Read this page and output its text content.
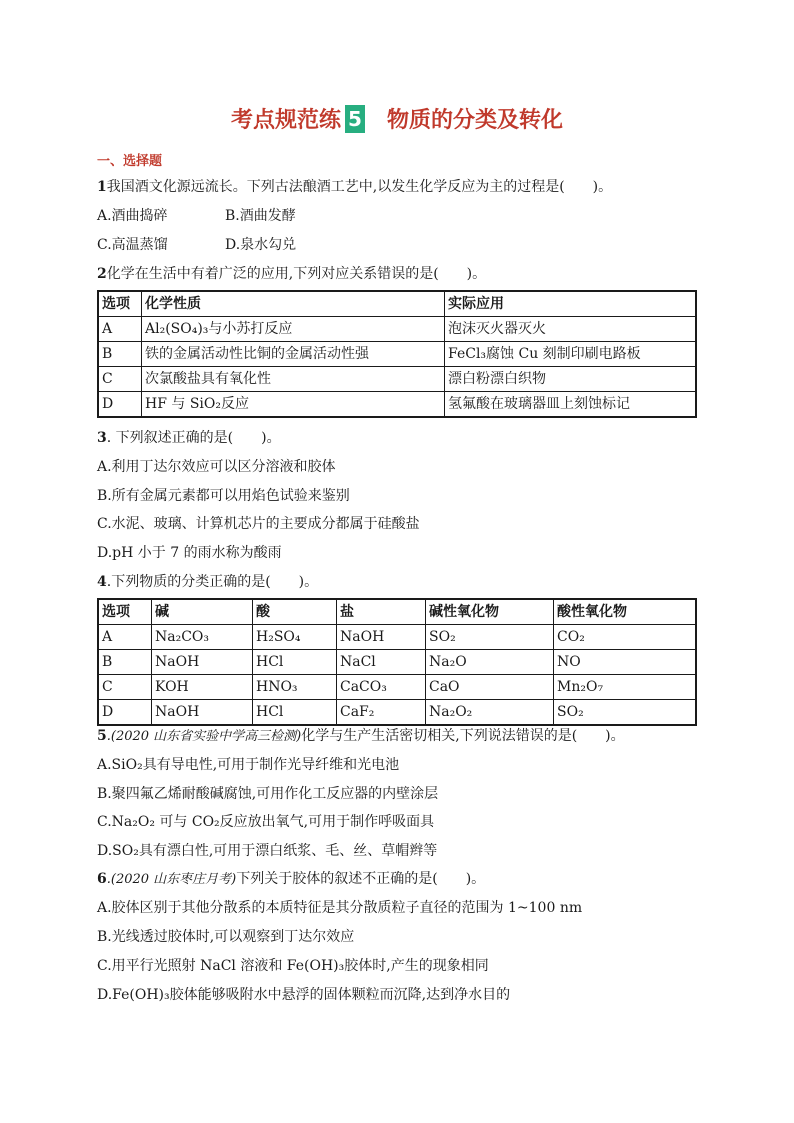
考点规范练 5 物质的分类及转化
一、选择题
1我国酒文化源远流长。下列古法酿酒工艺中,以发生化学反应为主的过程是( )。
A.酒曲捣碎	B.酒曲发酵
C.高温蒸馏	D.泉水勾兑
2化学在生活中有着广泛的应用,下列对应关系错误的是( )。
选项	化学性质	实际应用
A	Al₂(SO₄)₃与小苏打反应	泡沫灭火器灭火
B	铁的金属活动性比铜的金属活动性强	FeCl₃腐蚀 Cu 刻制印刷电路板
C	次氯酸盐具有氧化性	漂白粉漂白织物
D	HF 与 SiO₂反应	氢氟酸在玻璃器皿上刻蚀标记
3. 下列叙述正确的是( )。
A.利用丁达尔效应可以区分溶液和胶体
B.所有金属元素都可以用焰色试验来鉴别
C.水泥、玻璃、计算机芯片的主要成分都属于硅酸盐
D.pH 小于 7 的雨水称为酸雨
4.下列物质的分类正确的是( )。
选项	碱	酸	盐	碱性氧化物	酸性氧化物
A	Na₂CO₃	H₂SO₄	NaOH	SO₂	CO₂
B	NaOH	HCl	NaCl	Na₂O	NO
C	KOH	HNO₃	CaCO₃	CaO	Mn₂O₇
D	NaOH	HCl	CaF₂	Na₂O₂	SO₂
5.(2020 山东省实验中学高三检测)化学与生产生活密切相关,下列说法错误的是( )。
A.SiO₂具有导电性,可用于制作光导纤维和光电池
B.聚四氟乙烯耐酸碱腐蚀,可用作化工反应器的内壁涂层
C.Na₂O₂ 可与 CO₂反应放出氧气,可用于制作呼吸面具
D.SO₂具有漂白性,可用于漂白纸浆、毛、丝、草帽辫等
6.(2020 山东枣庄月考)下列关于胶体的叙述不正确的是( )。
A.胶体区别于其他分散系的本质特征是其分散质粒子直径的范围为 1~100 nm
B.光线透过胶体时,可以观察到丁达尔效应
C.用平行光照射 NaCl 溶液和 Fe(OH)₃胶体时,产生的现象相同
D.Fe(OH)₃胶体能够吸附水中悬浮的固体颗粒而沉降,达到净水目的
